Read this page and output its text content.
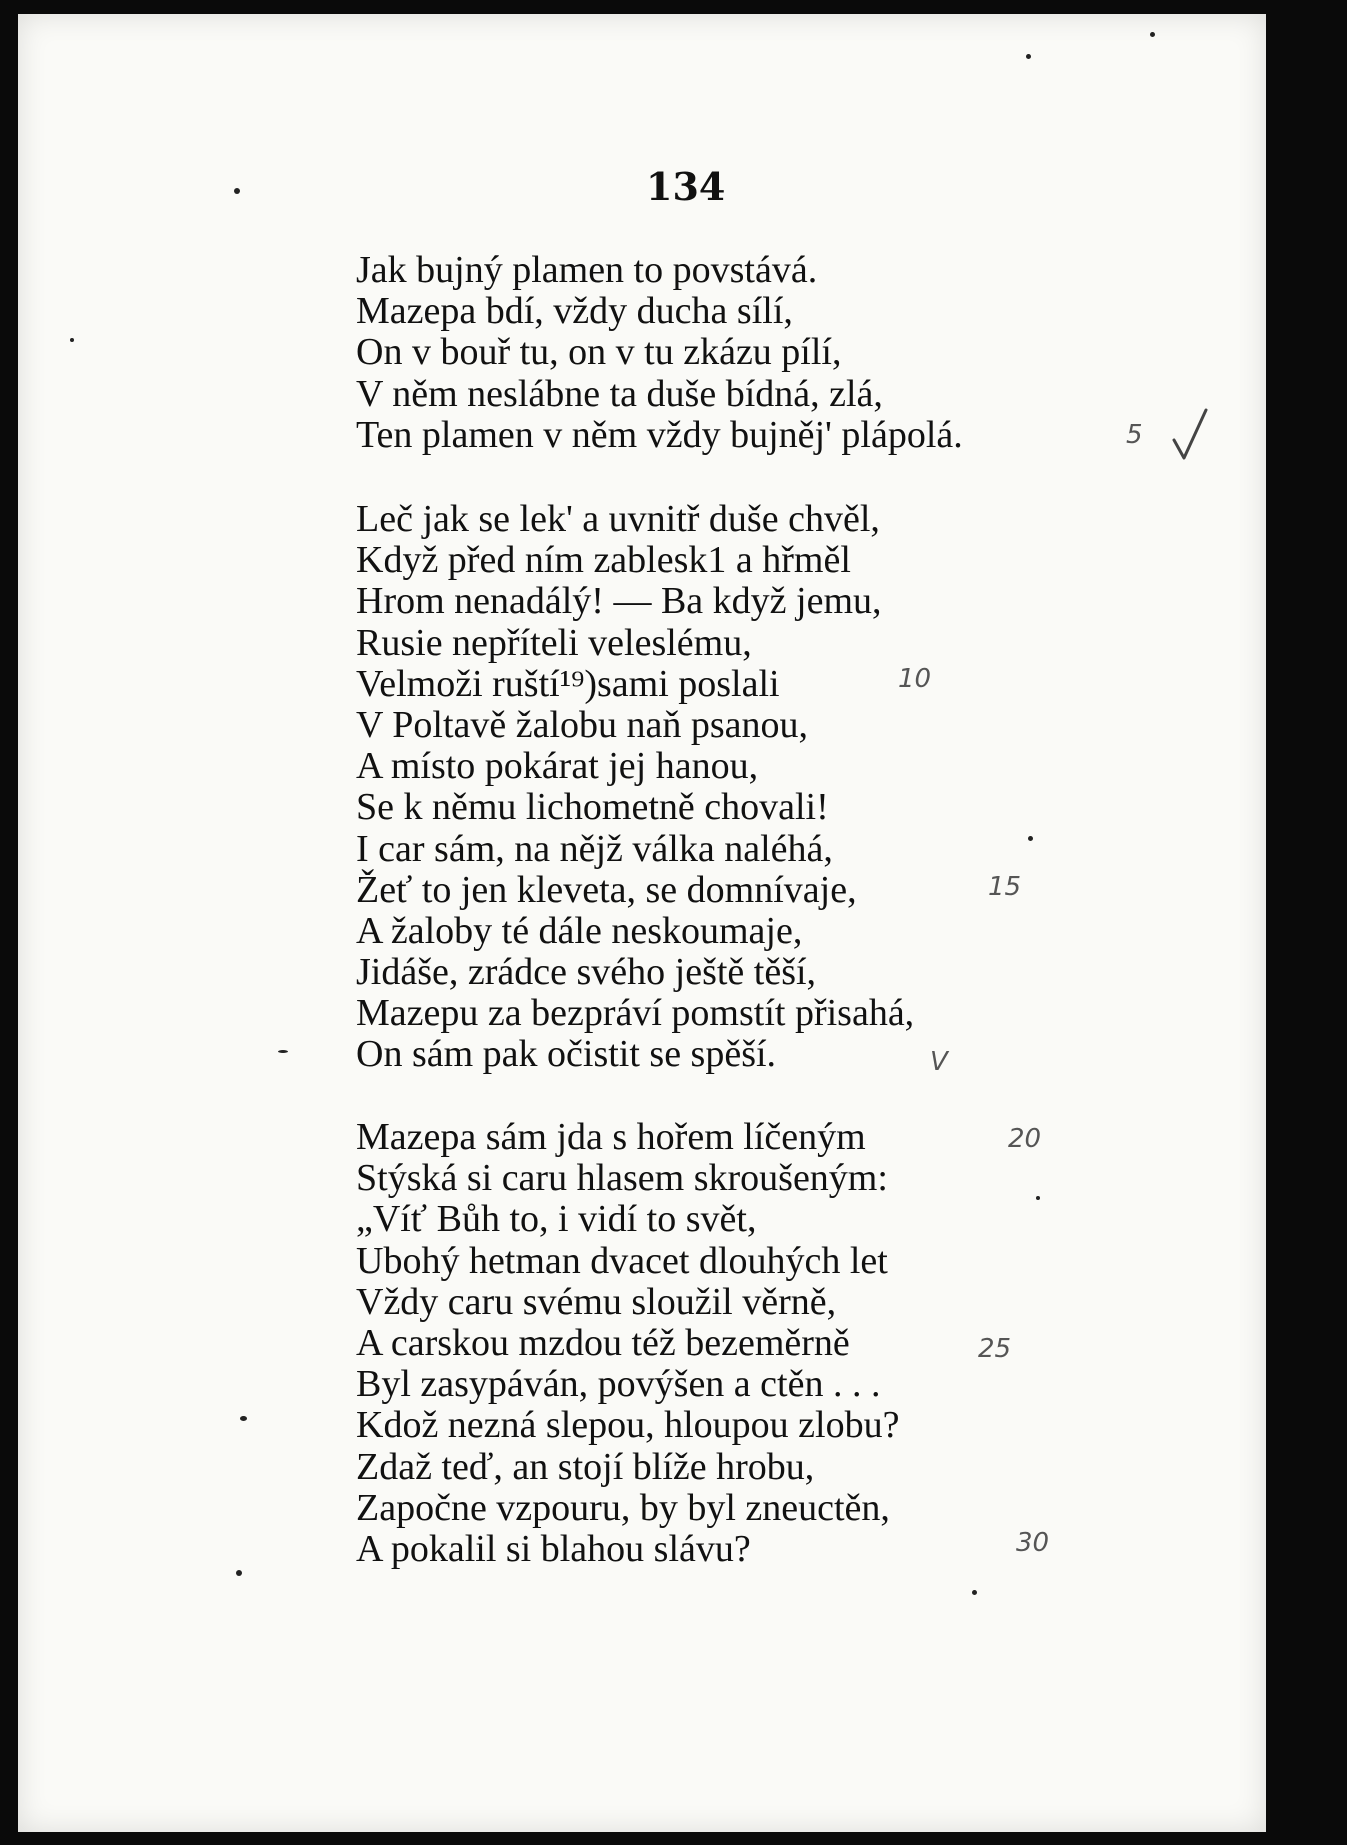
134

Jak bujný plamen to povstává.
Mazepa bdí, vždy ducha sílí,
On v bouř tu, on v tu zkázu pílí,
V něm neslábne ta duše bídná, zlá,
Ten plamen v něm vždy bujněj' plápolá.
Leč jak se lek' a uvnitř duše chvěl,
Když před ním zablesk1 a hřměl
Hrom nenadálý! — Ba když jemu,
Rusie nepříteli veleslému,
Velmoži ruští¹⁹)sami poslali
V Poltavě žalobu naň psanou,
A místo pokárat jej hanou,
Se k němu lichometně chovali!
I car sám, na nějž válka naléhá,
Žeť to jen kleveta, se domnívaje,
A žaloby té dále neskoumaje,
Jidáše, zrádce svého ještě těší,
Mazepu za bezpráví pomstít přisahá,
On sám pak očistit se spěší.
Mazepa sám jda s hořem líčeným
Stýská si caru hlasem skroušeným:
„Víť Bůh to, i vidí to svět,
Ubohý hetman dvacet dlouhých let
Vždy caru svému sloužil věrně,
A carskou mzdou též bezeměrně
Byl zasypáván, povýšen a ctěn . . .
Kdož nezná slepou, hloupou zlobu?
Zdaž teď, an stojí blíže hrobu,
Započne vzpouru, by byl zneuctěn,
A pokalil si blahou slávu?
5
10
15
V
20
25
30
